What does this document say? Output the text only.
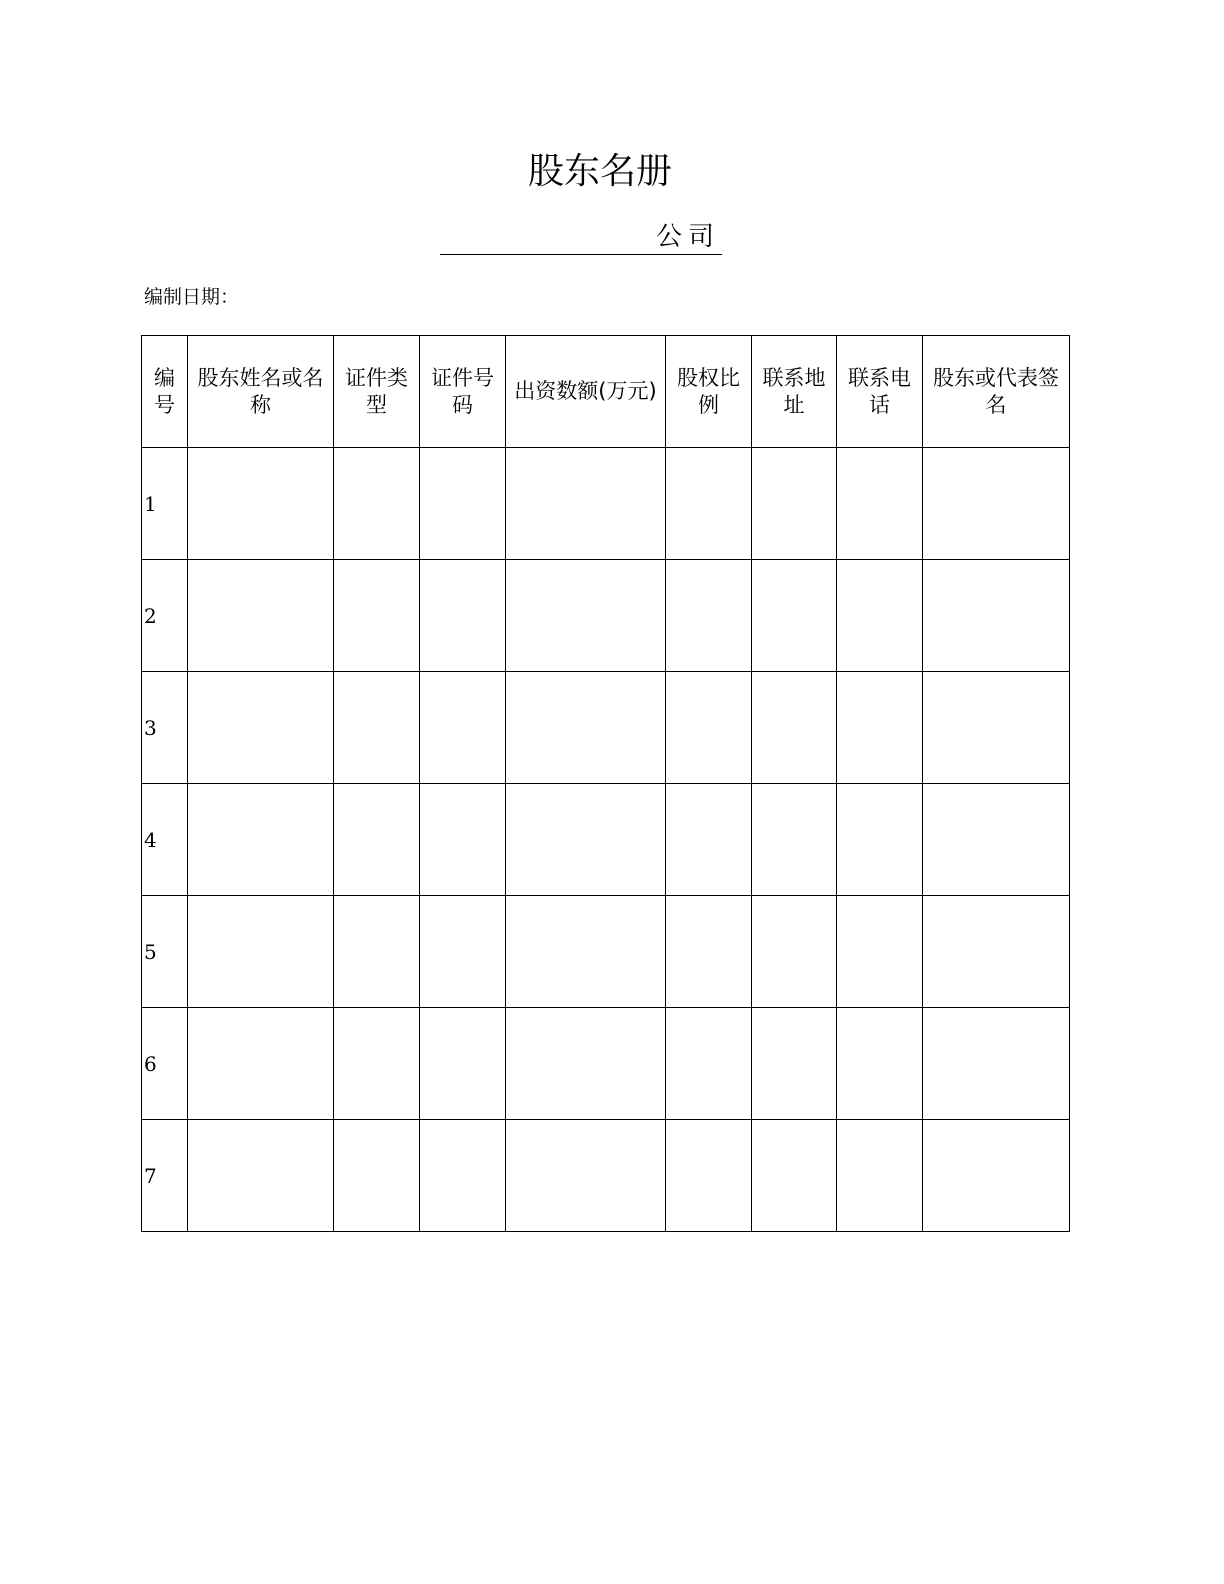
股东名册
公司
编制日期：
编号	股东姓名或名称	证件类型	证件号码	出资数额(万元)	股权比例	联系地址	联系电话	股东或代表签名
1								
2								
3								
4								
5								
6								
7								
